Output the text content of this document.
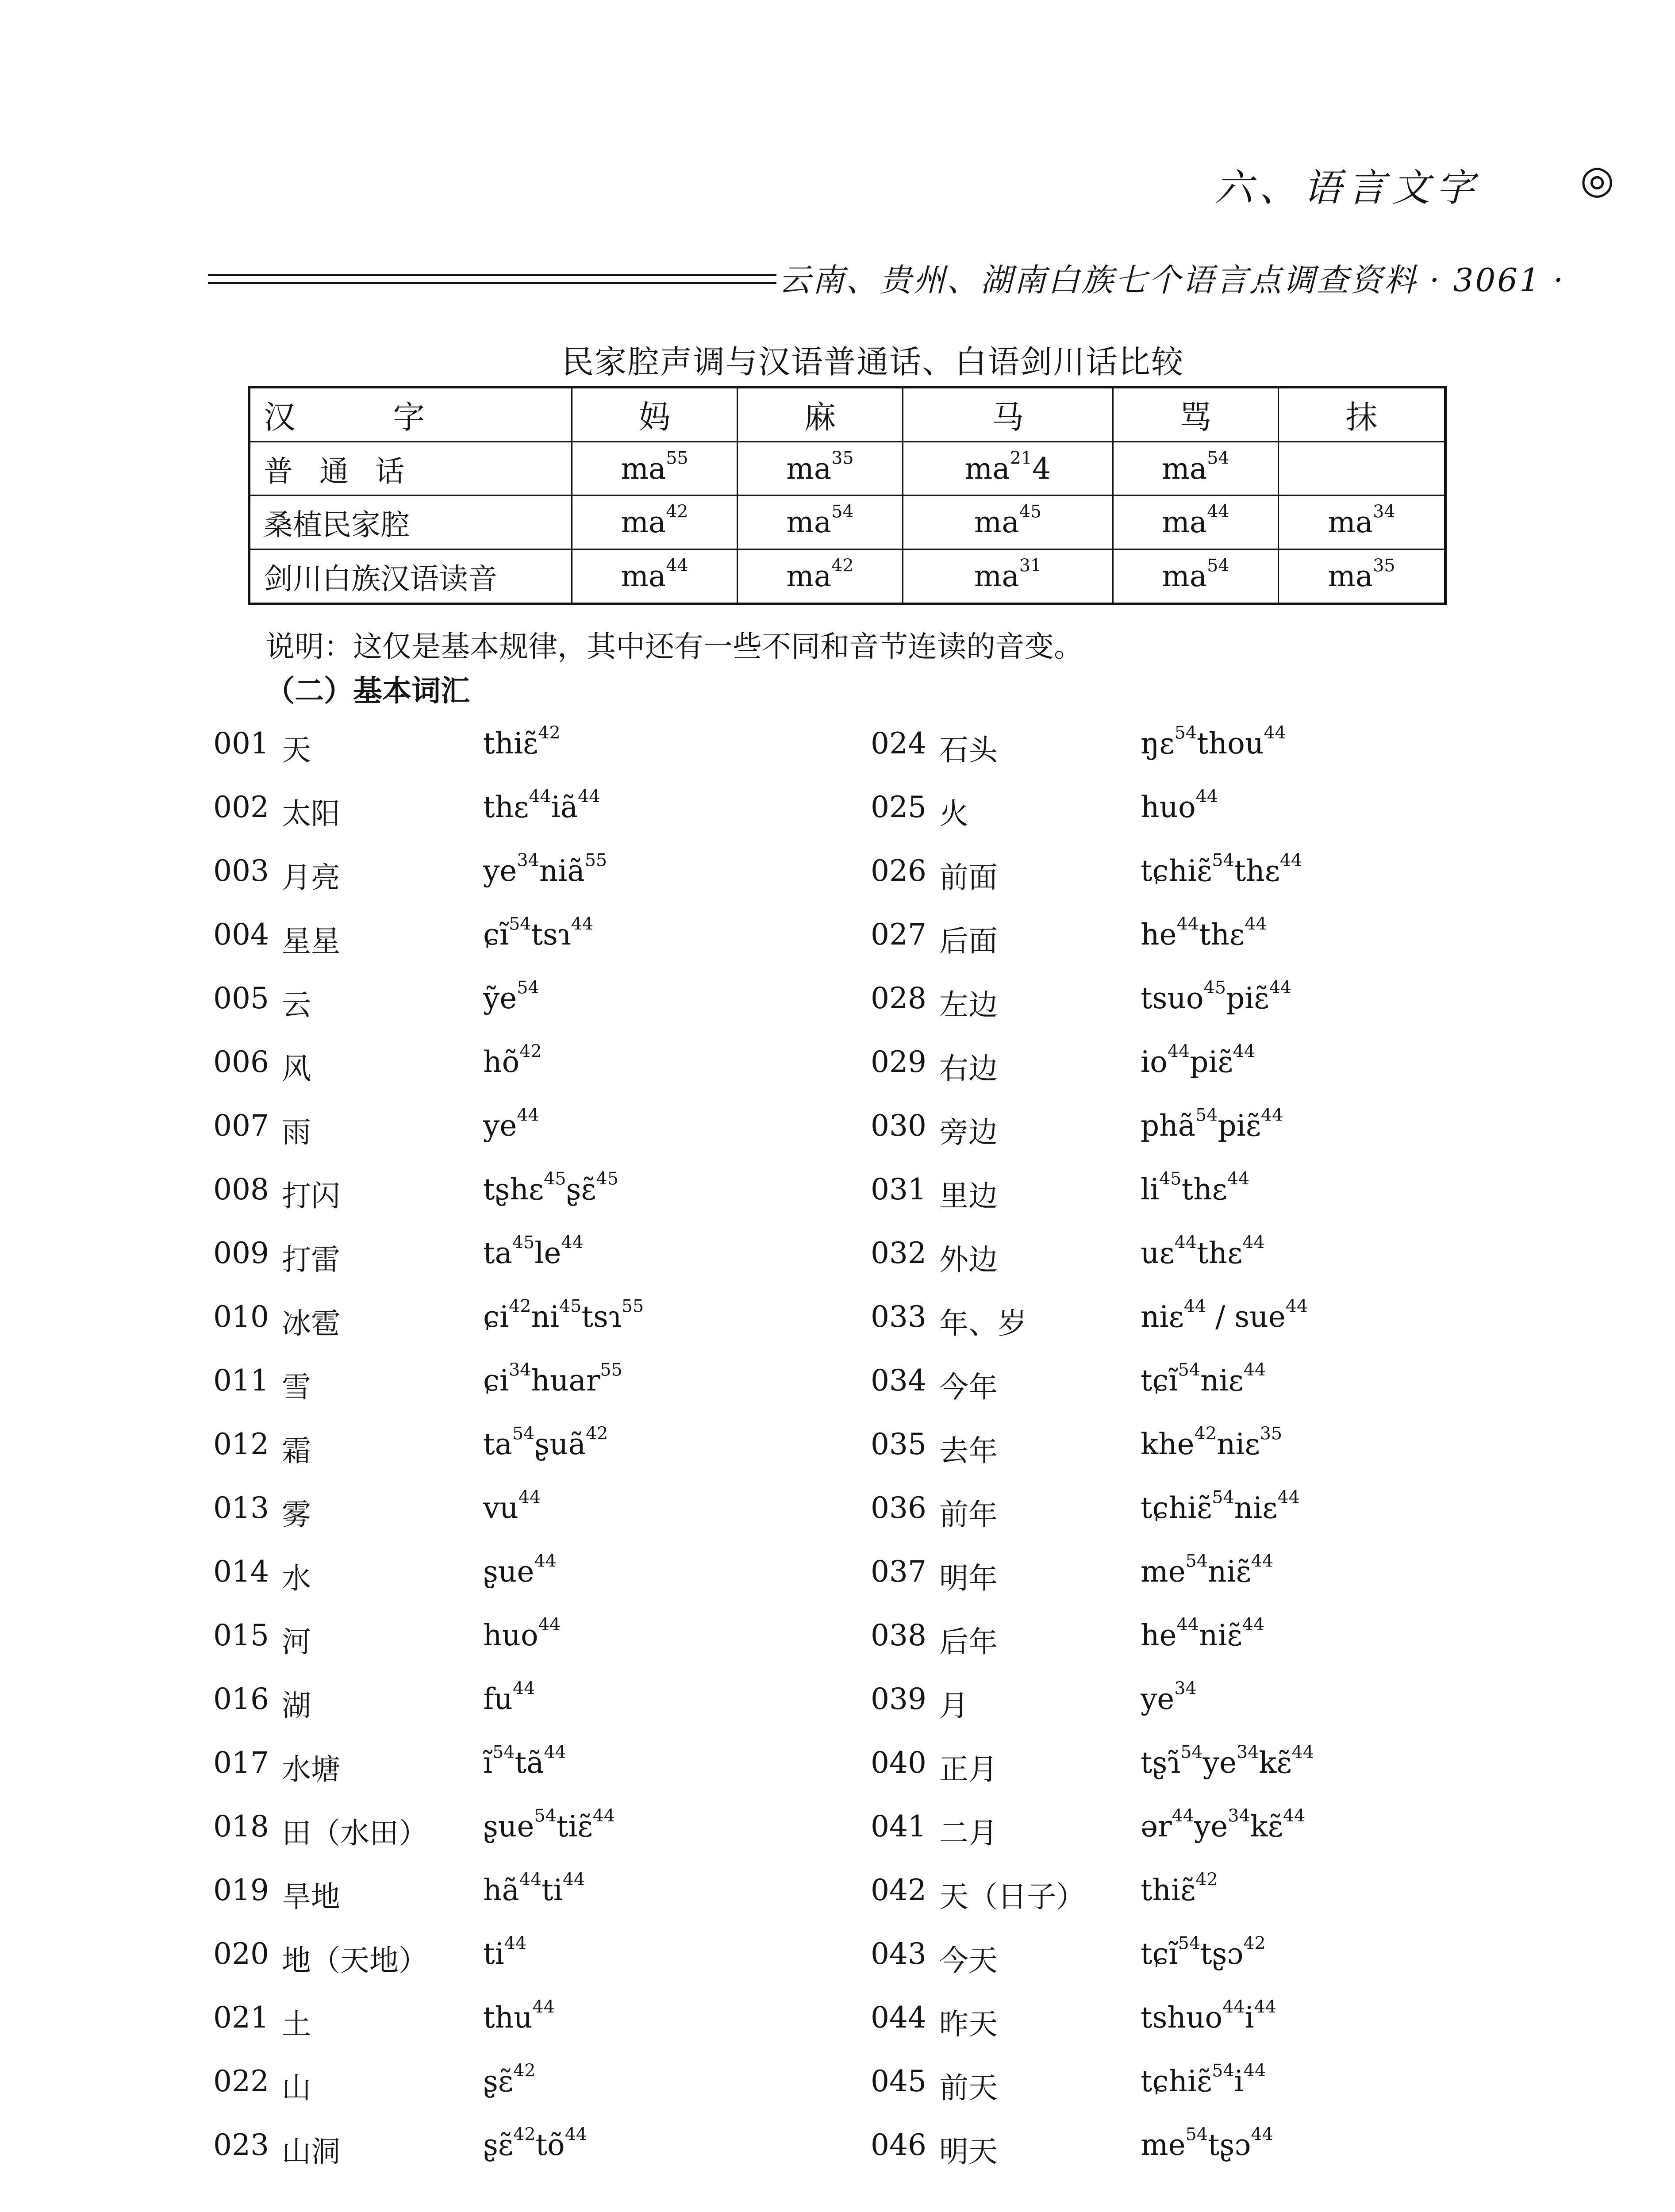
六、语言文字	◎
云南、贵州、湖南白族七个语言点调查资料 · 3061 ·
民家腔声调与汉语普通话、白语剑川话比较
汉字	妈	麻	马	骂	抹
普通话	$ma^{55}$	$ma^{35}$	$ma^{21}4$	$ma^{54}$	
桑植民家腔	$ma^{42}$	$ma^{54}$	$ma^{45}$	$ma^{44}$	$ma^{34}$
剑川白族汉语读音	$ma^{44}$	$ma^{42}$	$ma^{31}$	$ma^{54}$	$ma^{35}$
说明：这仅是基本规律，其中还有一些不同和音节连读的音变。
（二）基本词汇
001 天	thiɛ̃$^{42}$
002 太阳	$thɛ^{44}iã^{44}$
003 月亮	$ye^{34}niã^{55}$
004 星星	ɕĩ$^{54}$tsɿ$^{44}$
005 云	ỹe$^{54}$
006 风	$hõ^{42}$
007 雨	$ye^{44}$
008 打闪	tʂhɛ$^{45}$ʂɛ̃$^{45}$
009 打雷	$ta^{45}le^{44}$
010 冰雹	$ɕi^{42}ni^{45}tsɿ^{55}$
011 雪	ɕi$^{34}$huar$^{55}$
012 霜	$ta^{54}ʂuã^{42}$
013 雾	$vu^{44}$
014 水	ʂue$^{44}$
015 河	huo$^{44}$
016 湖	$fu^{44}$
017 水塘	$ĩ^{54}tã^{44}$
018 田（水田） ʂue$^{54}$tiɛ̃$^{44}$
019 旱地	$hã^{44}ti^{44}$
020 地（天地） $ti^{44}$
021 土	thu$^{44}$
022 山	ʂɛ̃$^{42}$
023 山洞	$ʂɛ̃^{42}tõ^{44}$
024 石头	ŋɛ$^{54}$thou$^{44}$
025 火	huo$^{44}$
026 前面	tɕhiɛ̃$^{54}$thɛ$^{44}$
027 后面	$he^{44}thɛ^{44}$
028 左边	tsuo$^{45}$piɛ̃$^{44}$
029 右边	$io^{44}piɛ̃^{44}$
030 旁边	phã$^{54}$piɛ̃$^{44}$
031 里边	$li^{45}thɛ^{44}$
032 外边	uɛ$^{44}$thɛ$^{44}$
033 年、岁	niɛ$^{44}$ / sue$^{44}$
034 今年	tɕĩ$^{54}$niɛ$^{44}$
035 去年	khe$^{42}$niɛ$^{35}$
036 前年	tɕhiɛ̃$^{54}$niɛ$^{44}$
037 明年	$me^{54}niɛ̃^{44}$
038 后年	$he^{44}niɛ̃^{44}$
039 月	$ye^{34}$
040 正月	$tʂɿ̃^{54}ye^{34}kɛ̃^{44}$
041 二月	$ər^{44}ye^{34}kɛ̃^{44}$
042 天（日子） thiɛ̃$^{42}$
043 今天	tɕĩ$^{54}$tʂɔ$^{42}$
044 昨天	$tshuo^{44}i^{44}$
045 前天	$tɕhiɛ̃^{54}i^{44}$
046 明天	$me^{54}tʂɔ^{44}$
